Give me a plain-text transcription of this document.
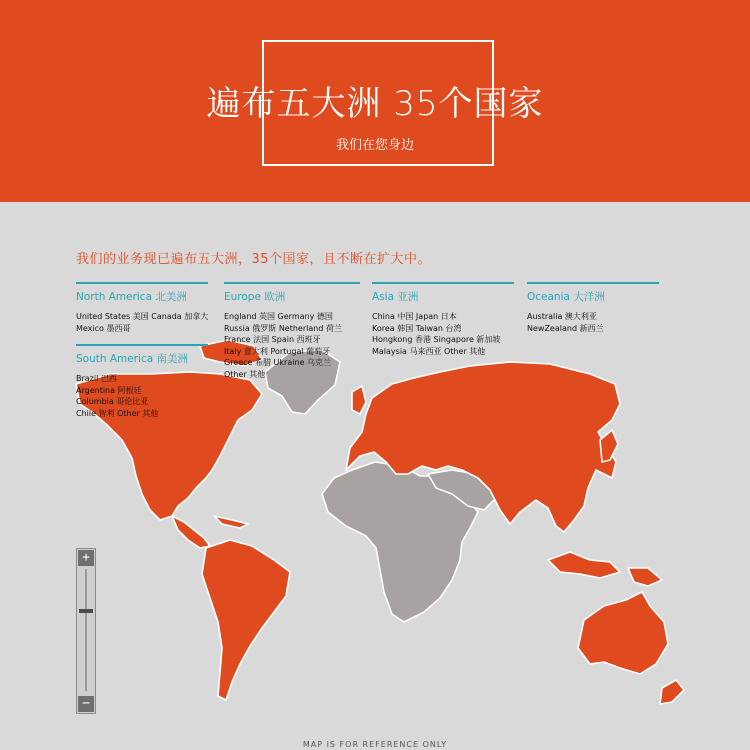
遍布五大洲 35个国家
我们在您身边
我们的业务现已遍布五大洲，35个国家，且不断在扩大中。
North America 北美洲
United States 美国 Canada 加拿大
Mexico 墨西哥
South America 南美洲
Brazil 巴西
Argentina 阿根廷
Columbia 哥伦比亚
Chile 智利 Other 其他
Europe 欧洲
England 英国 Germany 德国
Russia 俄罗斯 Netherland 荷兰
France 法国 Spain 西班牙
Italy 意大利 Portugal 葡萄牙
Greece 希腊 Ukraine 乌克兰
Other 其他
Asia 亚洲
China 中国 Japan 日本
Korea 韩国 Taiwan 台湾
Hongkong 香港 Singapore 新加坡
Malaysia 马来西亚 Other 其他
Oceania 大洋洲
Australia 澳大利亚
NewZealand 新西兰
+
−
MAP IS FOR REFERENCE ONLY
